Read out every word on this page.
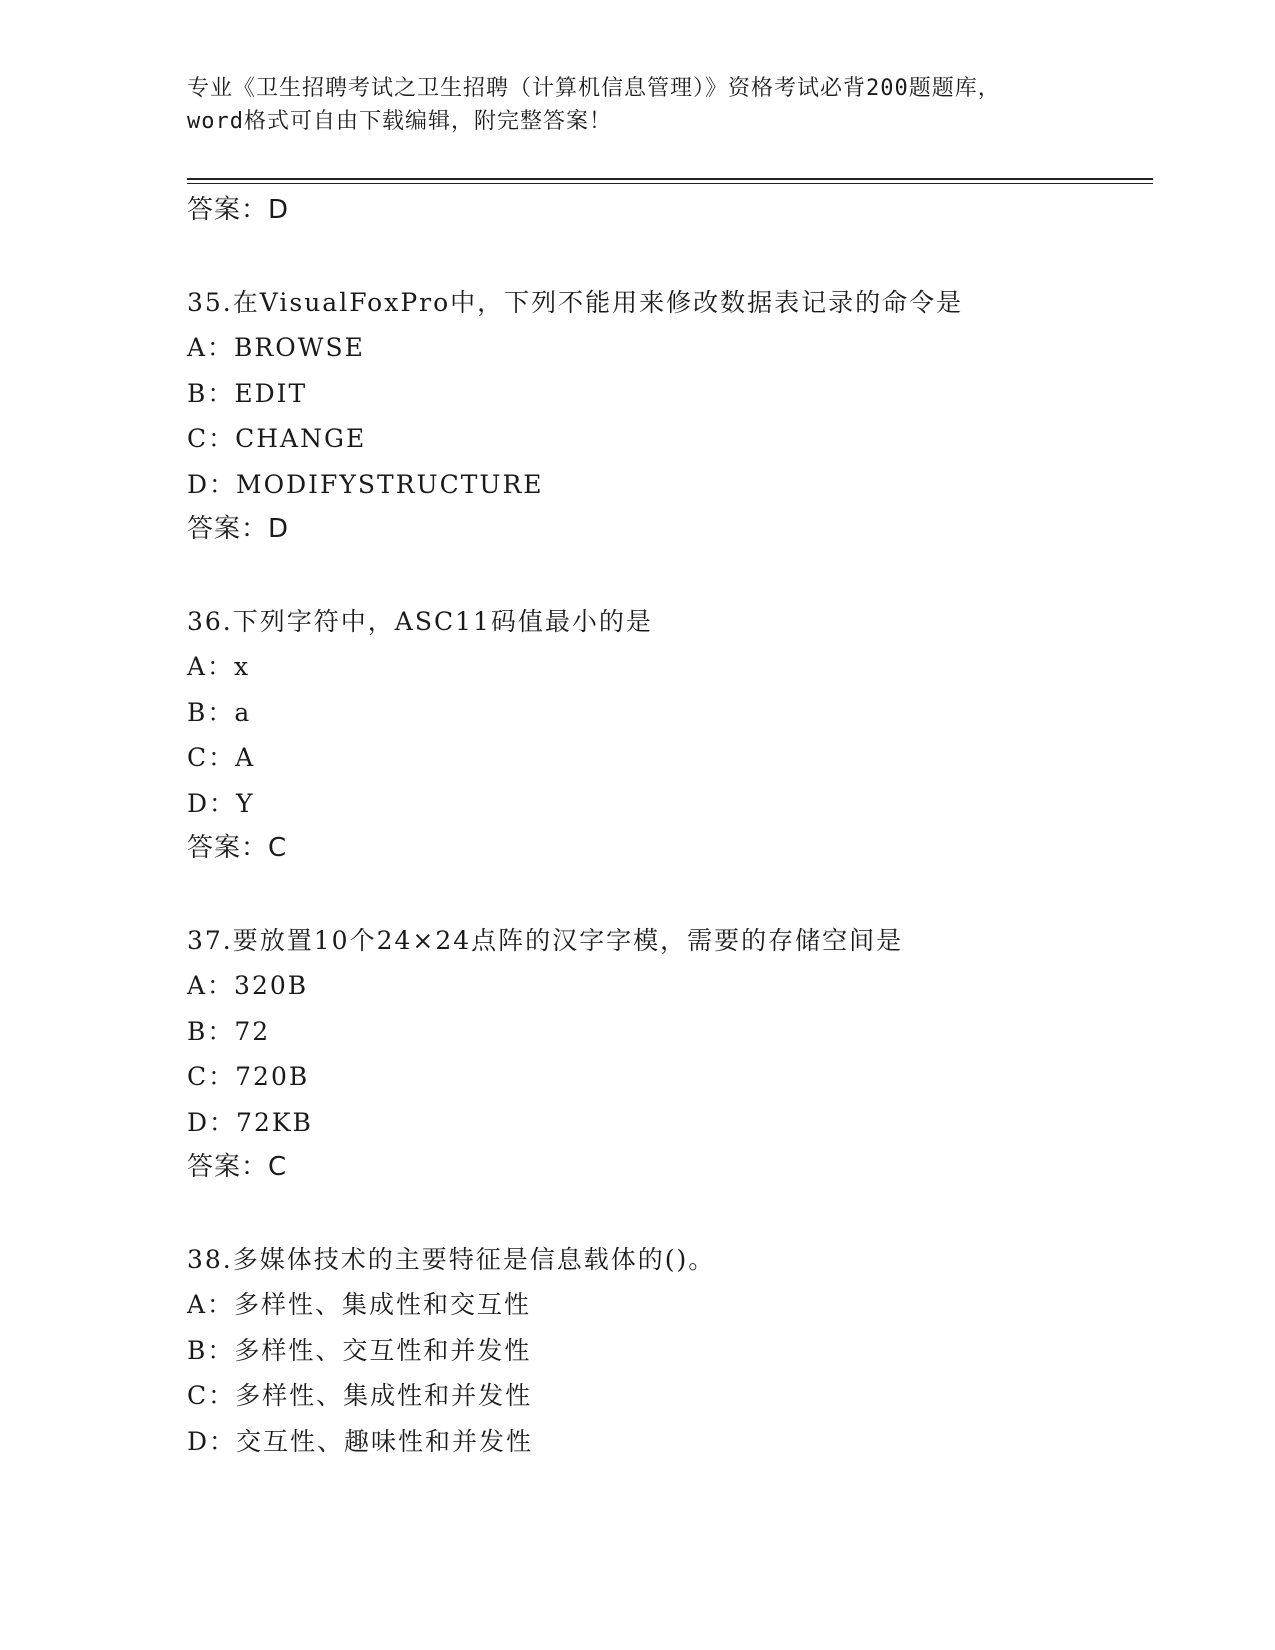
专业《卫生招聘考试之卫生招聘（计算机信息管理）》资格考试必背200题题库，
word格式可自由下载编辑，附完整答案！
答案：D
35.在VisualFoxPro中，下列不能用来修改数据表记录的命令是
A：BROWSE
B：EDIT
C：CHANGE
D：MODIFYSTRUCTURE
答案：D
36.下列字符中，ASC11码值最小的是
A：x
B：a
C：A
D：Y
答案：C
37.要放置10个24×24点阵的汉字字模，需要的存储空间是
A：320B
B：72
C：720B
D：72KB
答案：C
38.多媒体技术的主要特征是信息载体的()。
A：多样性、集成性和交互性
B：多样性、交互性和并发性
C：多样性、集成性和并发性
D：交互性、趣味性和并发性
